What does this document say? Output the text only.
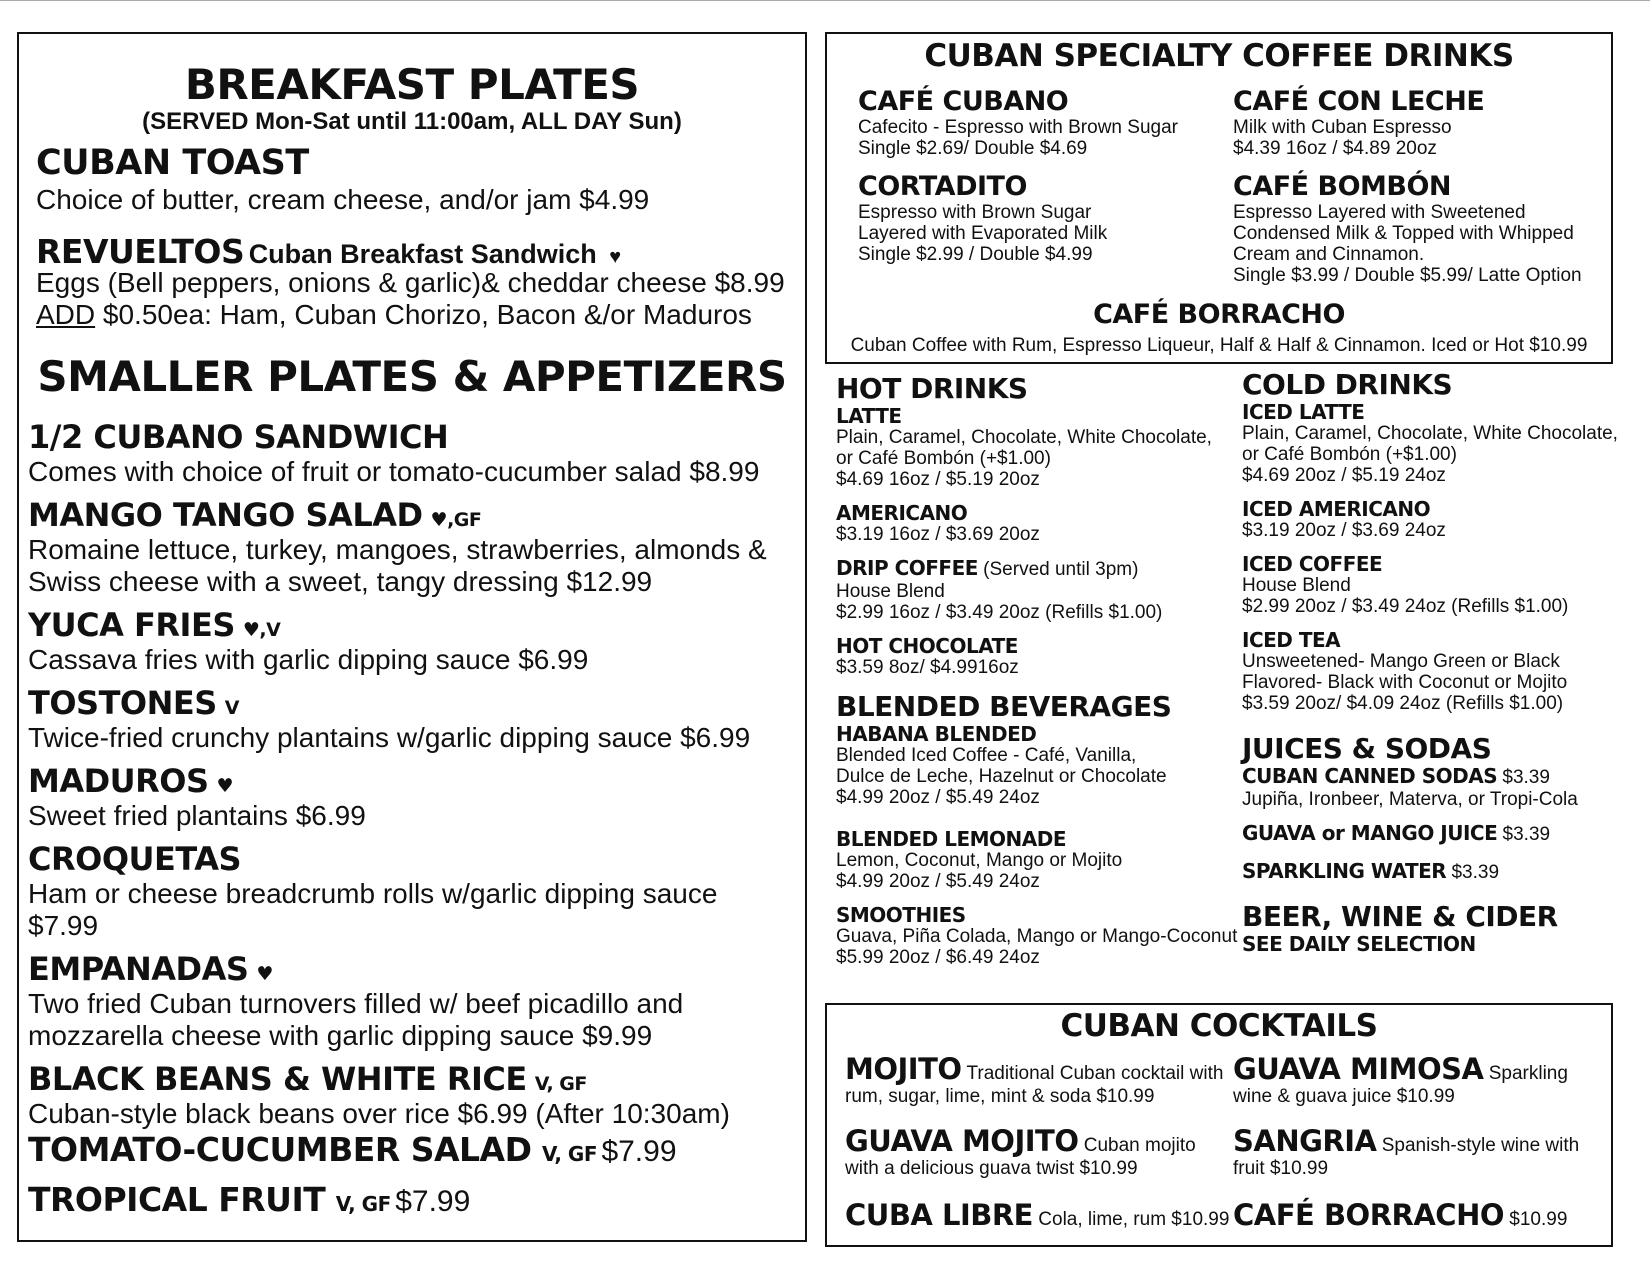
BREAKFAST PLATES
(SERVED Mon-Sat until 11:00am, ALL DAY Sun)
CUBAN TOAST
Choice of butter, cream cheese, and/or jam $4.99
REVUELTOS Cuban Breakfast Sandwich ♥
Eggs (Bell peppers, onions & garlic)& cheddar cheese $8.99
ADD $0.50ea: Ham, Cuban Chorizo, Bacon &/or Maduros
SMALLER PLATES & APPETIZERS
1/2 CUBANO SANDWICH
Comes with choice of fruit or tomato-cucumber salad $8.99
MANGO TANGO SALAD ♥,GF
Romaine lettuce, turkey, mangoes, strawberries, almonds & Swiss cheese with a sweet, tangy dressing $12.99
YUCA FRIES ♥,V
Cassava fries with garlic dipping sauce $6.99
TOSTONES V
Twice-fried crunchy plantains w/garlic dipping sauce $6.99
MADUROS ♥
Sweet fried plantains $6.99
CROQUETAS
Ham or cheese breadcrumb rolls w/garlic dipping sauce $7.99
EMPANADAS ♥
Two fried Cuban turnovers filled w/ beef picadillo and mozzarella cheese with garlic dipping sauce $9.99
BLACK BEANS & WHITE RICE V, GF
Cuban-style black beans over rice $6.99 (After 10:30am)
TOMATO-CUCUMBER SALAD V, GF $7.99
TROPICAL FRUIT V, GF $7.99
CUBAN SPECIALTY COFFEE DRINKS
CAFÉ CUBANO
Cafecito - Espresso with Brown Sugar
Single $2.69/ Double $4.69
CAFÉ CON LECHE
Milk with Cuban Espresso
$4.39 16oz / $4.89 20oz
CORTADITO
Espresso with Brown Sugar
Layered with Evaporated Milk
Single $2.99 / Double $4.99
CAFÉ BOMBÓN
Espresso Layered with Sweetened
Condensed Milk & Topped with Whipped
Cream and Cinnamon.
Single $3.99 / Double $5.99/ Latte Option
CAFÉ BORRACHO
Cuban Coffee with Rum, Espresso Liqueur, Half & Half & Cinnamon. Iced or Hot $10.99
HOT DRINKS
LATTE
Plain, Caramel, Chocolate, White Chocolate,
or Café Bombón (+$1.00)
$4.69 16oz / $5.19 20oz
AMERICANO
$3.19 16oz / $3.69 20oz
DRIP COFFEE (Served until 3pm)
House Blend
$2.99 16oz / $3.49 20oz (Refills $1.00)
HOT CHOCOLATE
$3.59 8oz/ $4.9916oz
BLENDED BEVERAGES
HABANA BLENDED
Blended Iced Coffee - Café, Vanilla,
Dulce de Leche, Hazelnut or Chocolate
$4.99 20oz / $5.49 24oz
BLENDED LEMONADE
Lemon, Coconut, Mango or Mojito
$4.99 20oz / $5.49 24oz
SMOOTHIES
Guava, Piña Colada, Mango or Mango-Coconut
$5.99 20oz / $6.49 24oz
COLD DRINKS
ICED LATTE
Plain, Caramel, Chocolate, White Chocolate,
or Café Bombón (+$1.00)
$4.69 20oz / $5.19 24oz
ICED AMERICANO
$3.19 20oz / $3.69 24oz
ICED COFFEE
House Blend
$2.99 20oz / $3.49 24oz (Refills $1.00)
ICED TEA
Unsweetened- Mango Green or Black
Flavored- Black with Coconut or Mojito
$3.59 20oz/ $4.09 24oz (Refills $1.00)
JUICES & SODAS
CUBAN CANNED SODAS $3.39
Jupiña, Ironbeer, Materva, or Tropi-Cola
GUAVA or MANGO JUICE $3.39
SPARKLING WATER $3.39
BEER, WINE & CIDER
SEE DAILY SELECTION
CUBAN COCKTAILS
MOJITO Traditional Cuban cocktail with
rum, sugar, lime, mint & soda $10.99
GUAVA MIMOSA Sparkling
wine & guava juice $10.99
GUAVA MOJITO Cuban mojito
with a delicious guava twist $10.99
SANGRIA Spanish-style wine with
fruit $10.99
CUBA LIBRE Cola, lime, rum $10.99 CAFÉ BORRACHO $10.99
